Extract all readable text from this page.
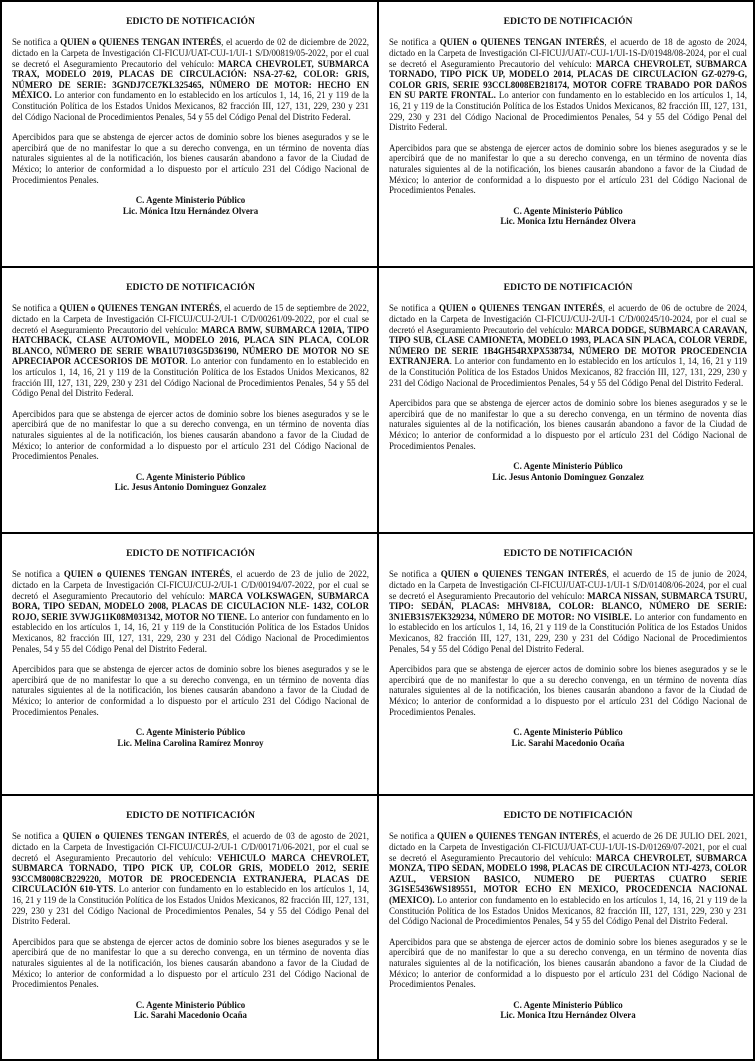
EDICTO DE NOTIFICACIÓN

Se notifica a QUIEN o QUIENES TENGAN INTERÉS, el acuerdo de 02 de diciembre de 2022, dictado en la Carpeta de Investigación CI-FICUJ/UAT-CUJ-1/UI-1 S/D/00819/05-2022, por el cual se decretó el Aseguramiento Precautorio del vehículo: MARCA CHEVROLET, SUBMARCA TRAX, MODELO 2019, PLACAS DE CIRCULACIÓN: NSA-27-62, COLOR: GRIS, NÚMERO DE SERIE: 3GNDJ7CE7KL325465, NÚMERO DE MOTOR: HECHO EN MÉXICO. Lo anterior con fundamento en lo establecido en los artículos 1, 14, 16, 21 y 119 de la Constitución Política de los Estados Unidos Mexicanos, 82 fracción III, 127, 131, 229, 230 y 231 del Código Nacional de Procedimientos Penales, 54 y 55 del Código Penal del Distrito Federal.

Apercibidos para que se abstenga de ejercer actos de dominio sobre los bienes asegurados y se le apercibirá que de no manifestar lo que a su derecho convenga, en un término de noventa días naturales siguientes al de la notificación, los bienes causarán abandono a favor de la Ciudad de México; lo anterior de conformidad a lo dispuesto por el artículo 231 del Código Nacional de Procedimientos Penales.

C. Agente Ministerio Público
Lic. Mónica Itzu Hernández Olvera
EDICTO DE NOTIFICACIÓN

Se notifica a QUIEN o QUIENES TENGAN INTERÉS, el acuerdo de 18 de agosto de 2024, dictado en la Carpeta de Investigación CI-FICUJ/UAT/-CUJ-1/UI-1S-D/01948/08-2024, por el cual se decretó el Aseguramiento Precautorio del vehículo: MARCA CHEVROLET, SUBMARCA TORNADO, TIPO PICK UP, MODELO 2014, PLACAS DE CIRCULACION GZ-0279-G, COLOR GRIS, SERIE 93CCL8008EB218174, MOTOR COFRE TRABADO POR DAÑOS EN SU PARTE FRONTAL. Lo anterior con fundamento en lo establecido en los artículos 1, 14, 16, 21 y 119 de la Constitución Política de los Estados Unidos Mexicanos, 82 fracción III, 127, 131, 229, 230 y 231 del Código Nacional de Procedimientos Penales, 54 y 55 del Código Penal del Distrito Federal.

Apercibidos para que se abstenga de ejercer actos de dominio sobre los bienes asegurados y se le apercibirá que de no manifestar lo que a su derecho convenga, en un término de noventa días naturales siguientes al de la notificación, los bienes causarán abandono a favor de la Ciudad de México; lo anterior de conformidad a lo dispuesto por el artículo 231 del Código Nacional de Procedimientos Penales.

C. Agente Ministerio Público
Lic. Monica Iztu Hernández Olvera
EDICTO DE NOTIFICACIÓN

Se notifica a QUIEN o QUIENES TENGAN INTERÉS, el acuerdo de 15 de septiembre de 2022, dictado en la Carpeta de Investigación CI-FICUJ/CUJ-2/UI-1 C/D/00261/09-2022, por el cual se decretó el Aseguramiento Precautorio del vehículo: MARCA BMW, SUBMARCA 120IA, TIPO HATCHBACK, CLASE AUTOMOVIL, MODELO 2016, PLACA SIN PLACA, COLOR BLANCO, NÚMERO DE SERIE WBA1U7103G5D36190, NÚMERO DE MOTOR NO SE APRECIAPOR ACCESORIOS DE MOTOR. Lo anterior con fundamento en lo establecido en los artículos 1, 14, 16, 21 y 119 de la Constitución Política de los Estados Unidos Mexicanos, 82 fracción III, 127, 131, 229, 230 y 231 del Código Nacional de Procedimientos Penales, 54 y 55 del Código Penal del Distrito Federal.

Apercibidos para que se abstenga de ejercer actos de dominio sobre los bienes asegurados y se le apercibirá que de no manifestar lo que a su derecho convenga, en un término de noventa días naturales siguientes al de la notificación, los bienes causarán abandono a favor de la Ciudad de México; lo anterior de conformidad a lo dispuesto por el artículo 231 del Código Nacional de Procedimientos Penales.

C. Agente Ministerio Público
Lic. Jesus Antonio Dominguez Gonzalez
EDICTO DE NOTIFICACIÓN

Se notifica a QUIEN o QUIENES TENGAN INTERÉS, el acuerdo de 06 de octubre de 2024, dictado en la Carpeta de Investigación CI-FICUJ/CUJ-2/UI-1 C/D/00245/10-2024, por el cual se decretó el Aseguramiento Precautorio del vehículo: MARCA DODGE, SUBMARCA CARAVAN, TIPO SUB, CLASE CAMIONETA, MODELO 1993, PLACA SIN PLACA, COLOR VERDE, NÚMERO DE SERIE 1B4GH54RXPX538734, NÚMERO DE MOTOR PROCEDENCIA EXTRANJERA. Lo anterior con fundamento en lo establecido en los artículos 1, 14, 16, 21 y 119 de la Constitución Política de los Estados Unidos Mexicanos, 82 fracción III, 127, 131, 229, 230 y 231 del Código Nacional de Procedimientos Penales, 54 y 55 del Código Penal del Distrito Federal.

Apercibidos para que se abstenga de ejercer actos de dominio sobre los bienes asegurados y se le apercibirá que de no manifestar lo que a su derecho convenga, en un término de noventa días naturales siguientes al de la notificación, los bienes causarán abandono a favor de la Ciudad de México; lo anterior de conformidad a lo dispuesto por el artículo 231 del Código Nacional de Procedimientos Penales.

C. Agente Ministerio Público
Lic. Jesus Antonio Dominguez Gonzalez
EDICTO DE NOTIFICACIÓN

Se notifica a QUIEN o QUIENES TENGAN INTERÉS, el acuerdo de 23 de julio de 2022, dictado en la Carpeta de Investigación CI-FICUJ/CUJ-2/UI-1 C/D/00194/07-2022, por el cual se decretó el Aseguramiento Precautorio del vehículo: MARCA VOLKSWAGEN, SUBMARCA BORA, TIPO SEDAN, MODELO 2008, PLACAS DE CICULACION NLE- 1432, COLOR ROJO, SERIE 3VWJG11K08M031342, MOTOR NO TIENE. Lo anterior con fundamento en lo establecido en los artículos 1, 14, 16, 21 y 119 de la Constitución Política de los Estados Unidos Mexicanos, 82 fracción III, 127, 131, 229, 230 y 231 del Código Nacional de Procedimientos Penales, 54 y 55 del Código Penal del Distrito Federal.

Apercibidos para que se abstenga de ejercer actos de dominio sobre los bienes asegurados y se le apercibirá que de no manifestar lo que a su derecho convenga, en un término de noventa días naturales siguientes al de la notificación, los bienes causarán abandono a favor de la Ciudad de México; lo anterior de conformidad a lo dispuesto por el artículo 231 del Código Nacional de Procedimientos Penales.

C. Agente Ministerio Público
Lic. Melina Carolina Ramírez Monroy
EDICTO DE NOTIFICACIÓN

Se notifica a QUIEN o QUIENES TENGAN INTERÉS, el acuerdo de 15 de junio de 2024, dictado en la Carpeta de Investigación CI-FICUJ/UAT-CUJ-1/UI-1 S/D/01408/06-2024, por el cual se decretó el Aseguramiento Precautorio del vehículo: MARCA NISSAN, SUBMARCA TSURU, TIPO: SEDÁN, PLACAS: MHV818A, COLOR: BLANCO, NÚMERO DE SERIE: 3N1EB31S7EK329234, NÚMERO DE MOTOR: NO VISIBLE. Lo anterior con fundamento en lo establecido en los artículos 1, 14, 16, 21 y 119 de la Constitución Política de los Estados Unidos Mexicanos, 82 fracción III, 127, 131, 229, 230 y 231 del Código Nacional de Procedimientos Penales, 54 y 55 del Código Penal del Distrito Federal.

Apercibidos para que se abstenga de ejercer actos de dominio sobre los bienes asegurados y se le apercibirá que de no manifestar lo que a su derecho convenga, en un término de noventa días naturales siguientes al de la notificación, los bienes causarán abandono a favor de la Ciudad de México; lo anterior de conformidad a lo dispuesto por el artículo 231 del Código Nacional de Procedimientos Penales.

C. Agente Ministerio Público
Lic. Sarahi Macedonio Ocaña
EDICTO DE NOTIFICACIÓN

Se notifica a QUIEN o QUIENES TENGAN INTERÉS, el acuerdo de 03 de agosto de 2021, dictado en la Carpeta de Investigación CI-FICUJ/CUJ-2/UI-1 C/D/00171/06-2021, por el cual se decretó el Aseguramiento Precautorio del vehículo: VEHICULO MARCA CHEVROLET, SUBMARCA TORNADO, TIPO PICK UP, COLOR GRIS, MODELO 2012, SERIE 93CCM8008CB229220, MOTOR DE PROCEDENCIA EXTRANJERA, PLACAS DE CIRCULACIÓN 610-YTS. Lo anterior con fundamento en lo establecido en los artículos 1, 14, 16, 21 y 119 de la Constitución Política de los Estados Unidos Mexicanos, 82 fracción III, 127, 131, 229, 230 y 231 del Código Nacional de Procedimientos Penales, 54 y 55 del Código Penal del Distrito Federal.

Apercibidos para que se abstenga de ejercer actos de dominio sobre los bienes asegurados y se le apercibirá que de no manifestar lo que a su derecho convenga, en un término de noventa días naturales siguientes al de la notificación, los bienes causarán abandono a favor de la Ciudad de México; lo anterior de conformidad a lo dispuesto por el artículo 231 del Código Nacional de Procedimientos Penales.

C. Agente Ministerio Público
Lic. Sarahi Macedonio Ocaña
EDICTO DE NOTIFICACIÓN

Se notifica a QUIEN o QUIENES TENGAN INTERÉS, el acuerdo de 26 DE JULIO DEL 2021, dictado en la Carpeta de Investigación CI-FICUJ/UAT-CUJ-1/UI-1S-D/01269/07-2021, por el cual se decretó el Aseguramiento Precautorio del vehículo: MARCA CHEVROLET, SUBMARCA MONZA, TIPO SEDAN, MODELO 1998, PLACAS DE CIRCULACION NTJ-4273, COLOR AZUL, VERSION BASICO, NUMERO DE PUERTAS CUATRO SERIE 3G1SE5436WS189551, MOTOR ECHO EN MEXICO, PROCEDENCIA NACIONAL (MEXICO). Lo anterior con fundamento en lo establecido en los artículos 1, 14, 16, 21 y 119 de la Constitución Política de los Estados Unidos Mexicanos, 82 fracción III, 127, 131, 229, 230 y 231 del Código Nacional de Procedimientos Penales, 54 y 55 del Código Penal del Distrito Federal.

Apercibidos para que se abstenga de ejercer actos de dominio sobre los bienes asegurados y se le apercibirá que de no manifestar lo que a su derecho convenga, en un término de noventa días naturales siguientes al de la notificación, los bienes causarán abandono a favor de la Ciudad de México; lo anterior de conformidad a lo dispuesto por el artículo 231 del Código Nacional de Procedimientos Penales.

C. Agente Ministerio Público
Lic. Monica Itzu Hernández Olvera
